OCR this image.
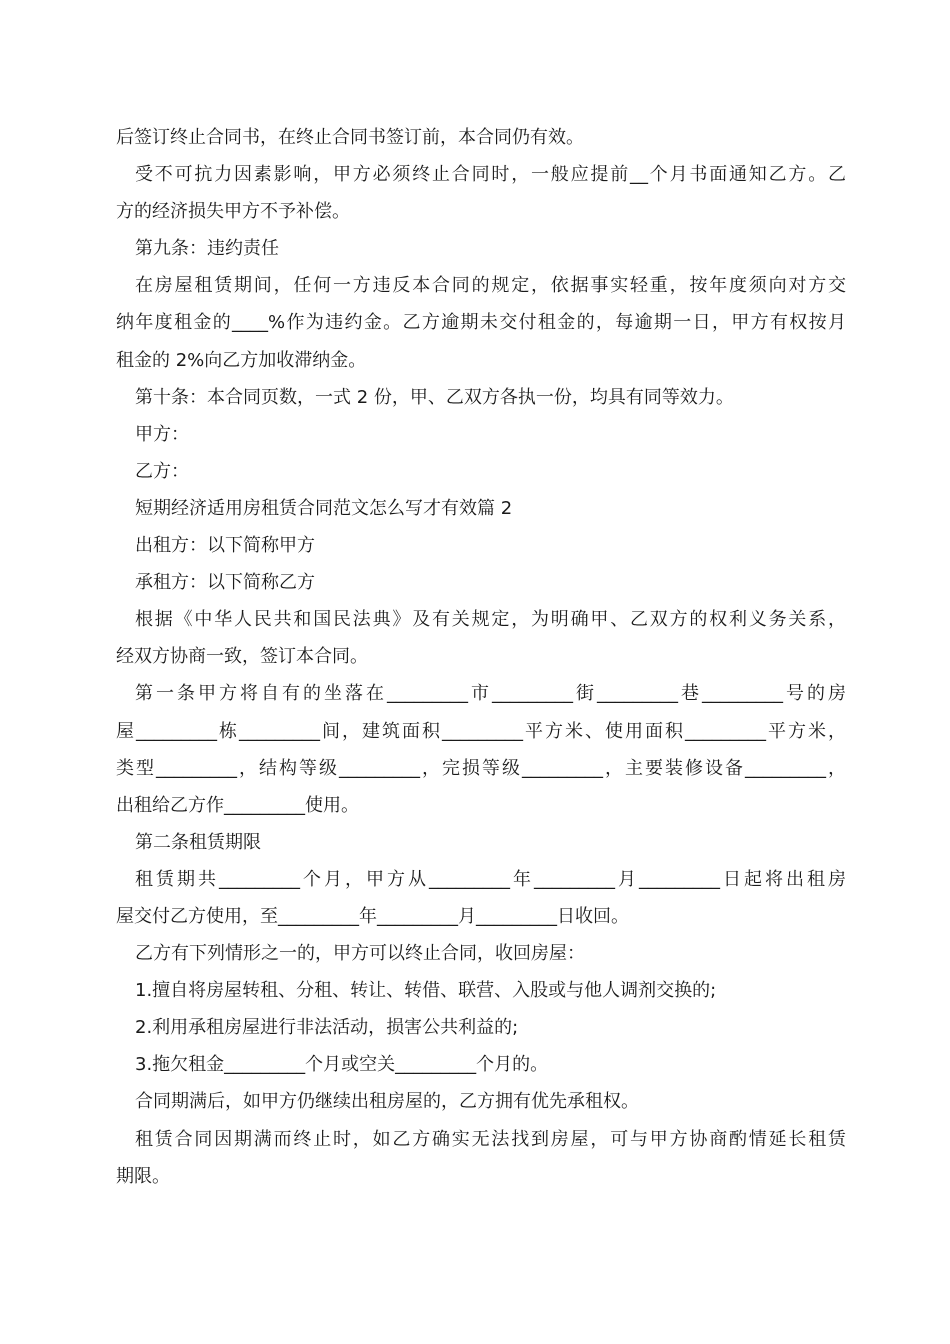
后签订终止合同书，在终止合同书签订前，本合同仍有效。
受不可抗力因素影响，甲方必须终止合同时，一般应提前__个月书面通知乙方。乙
方的经济损失甲方不予补偿。
第九条：违约责任
在房屋租赁期间，任何一方违反本合同的规定，依据事实轻重，按年度须向对方交
纳年度租金的____%作为违约金。乙方逾期未交付租金的，每逾期一日，甲方有权按月
租金的 2%向乙方加收滞纳金。
第十条：本合同页数，一式 2 份，甲、乙双方各执一份，均具有同等效力。
甲方：
乙方：
短期经济适用房租赁合同范文怎么写才有效篇 2
出租方：以下简称甲方
承租方：以下简称乙方
根据《中华人民共和国民法典》及有关规定，为明确甲、乙双方的权利义务关系，
经双方协商一致，签订本合同。
第一条甲方将自有的坐落在_________市_________街_________巷_________号的房
屋_________栋_________间，建筑面积_________平方米、使用面积_________平方米，
类型_________，结构等级_________，完损等级_________，主要装修设备_________，
出租给乙方作_________使用。
第二条租赁期限
租赁期共_________个月，甲方从_________年_________月_________日起将出租房
屋交付乙方使用，至_________年_________月_________日收回。
乙方有下列情形之一的，甲方可以终止合同，收回房屋：
1.擅自将房屋转租、分租、转让、转借、联营、入股或与他人调剂交换的;
2.利用承租房屋进行非法活动，损害公共利益的;
3.拖欠租金_________个月或空关_________个月的。
合同期满后，如甲方仍继续出租房屋的，乙方拥有优先承租权。
租赁合同因期满而终止时，如乙方确实无法找到房屋，可与甲方协商酌情延长租赁
期限。
